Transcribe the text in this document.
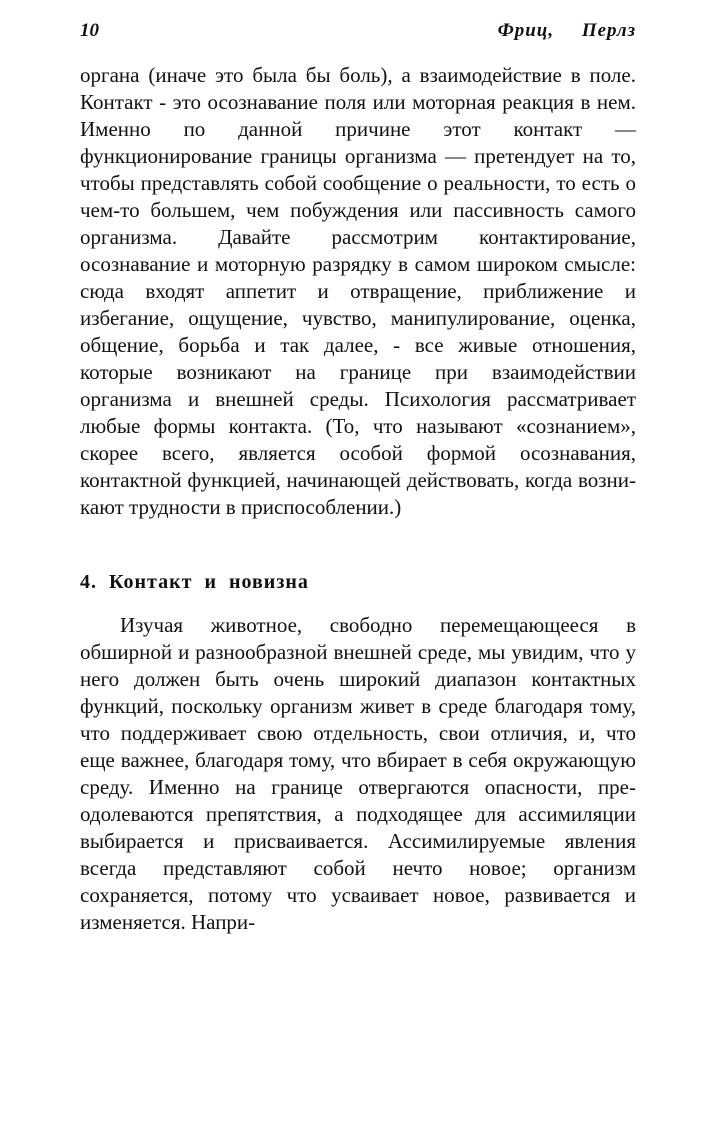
10	Фриц, Перлз

органа (иначе это была бы боль), а взаимодействие в поле. Контакт - это осознавание поля или моторная реакция в нем. Именно по данной причине этот контакт — функционирование границы организма — претендует на то, чтобы представлять собой сообщение о реальности, то есть о чем-то большем, чем побуждения или пассивность самого организма. Давайте рассмотрим контактирование, осознавание и моторную разрядку в самом широком смысле: сюда входят аппетит и отвращение, приближение и избегание, ощущение, чувство, манипулирование, оценка, общение, борьба и так далее, - все живые отношения, которые возникают на границе при взаимодействии организма и внешней среды. Психология рассматривает любые формы контакта. (То, что называют «сознанием», скорее всего, является особой формой осознавания, контактной функцией, начинающей действовать, когда возникают трудности в приспособлении.)

4. Контакт и новизна

Изучая животное, свободно перемещающееся в обширной и разнообразной внешней среде, мы увидим, что у него должен быть очень широкий диапазон контактных функций, поскольку организм живет в среде благодаря тому, что поддерживает свою отдельность, свои отличия, и, что еще важнее, благодаря тому, что вбирает в себя окружающую среду. Именно на границе отвергаются опасности, преодолеваются препятствия, а подходящее для ассимиляции выбирается и присваивается. Ассимилируемые явления всегда представляют собой нечто новое; организм сохраняется, потому что усваивает новое, развивается и изменяется. Напри-
